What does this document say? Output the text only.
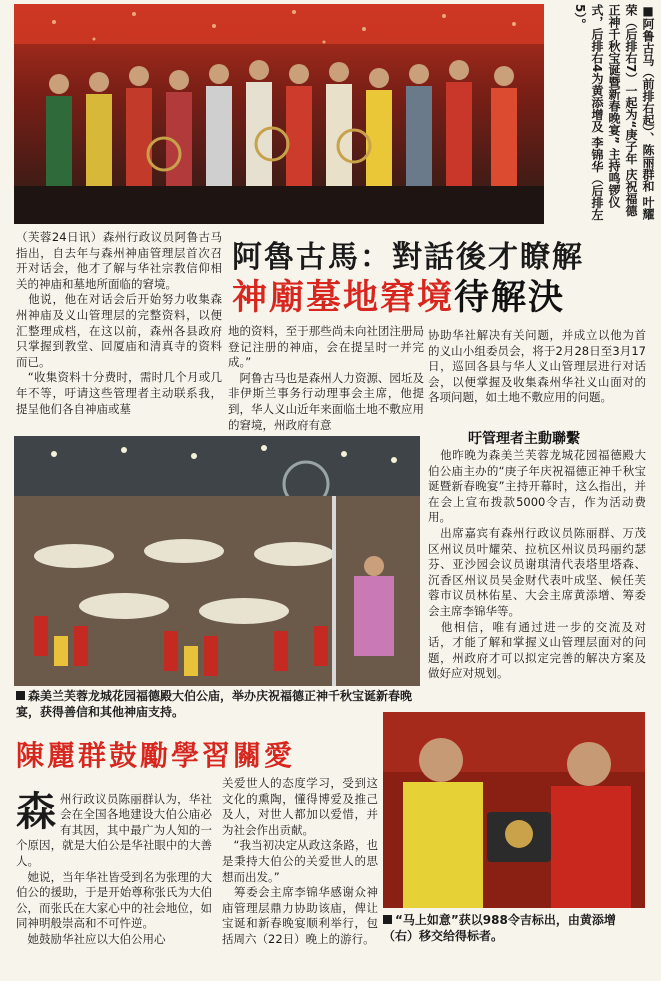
■阿鲁古马（前排右起）、陈丽群和 叶耀荣（后排右7）一起为“庚子年 庆祝福德正神千秋宝诞暨新春晚宴” 主持鸣锣仪式，后排右4为黄添增及 李锦华（后排左5）。
阿魯古馬：對話後才瞭解
神廟墓地窘境待解決
（芙蓉24日讯）森州行政议员阿鲁古马指出，自去年与森州神庙管理层首次召开对话会，他才了解与华社宗教信仰相关的神庙和墓地所面临的窘境。
　他说，他在对话会后开始努力收集森州神庙及义山管理层的完整资料，以便汇整理成档，在这以前，森州各县政府只掌握到教堂、回厦庙和清真寺的资料而已。
　“收集资料十分费时，需时几个月或几年不等，吁请这些管理者主动联系我，提呈他们各自神庙或墓
地的资料，至于那些尚未向社团注册局登记注册的神庙，会在提呈时一并完成。”
　阿鲁古马也是森州人力资源、园坵及非伊斯兰事务行动理事会主席，他提到，华人义山近年来面临土地不敷应用的窘境，州政府有意
协助华社解决有关问题，并成立以他为首的义山小组委员会，将于2月28日至3月17日，巡回各县与华人义山管理层进行对话会，以便掌握及收集森州华社义山面对的各项问题，如土地不敷应用的问题。
吁管理者主動聯繫
　他昨晚为森美兰芙蓉龙城花园福德殿大伯公庙主办的“庚子年庆祝福德正神千秋宝诞暨新春晚宴”主持开幕时，这么指出，并在会上宣布拨款5000令吉，作为活动费用。
　出席嘉宾有森州行政议员陈丽群、万茂区州议员叶耀荣、拉杭区州议员玛丽约瑟芬、亚沙园会议员谢琪清代表塔里塔森、沉香区州议员吴金财代表叶成坚、候任芙蓉市议员林佑星、大会主席黄添增、筹委会主席李锦华等。
　他相信，唯有通过进一步的交流及对话，才能了解和掌握义山管理层面对的问题，州政府才可以拟定完善的解决方案及做好应对规划。
森美兰芙蓉龙城花园福德殿大伯公庙，举办庆祝福德正神千秋宝诞新春晚宴，获得善信和其他神庙支持。
陳麗群鼓勵學習關愛

森州行政议员陈丽群认为，华社会在全国各地建设大伯公庙必有其因，其中最广为人知的一个原因，就是大伯公是华社眼中的大善人。
　她说，当年华社皆受到名为张理的大伯公的援助，于是开始尊称张氏为大伯公，而张氏在大家心中的社会地位，如同神明般崇高和不可忤逆。
　她鼓励华社应以大伯公用心

关爱世人的态度学习，受到这文化的熏陶，懂得博爱及推己及人，对世人都加以爱惜，并为社会作出贡献。
　“我当初决定从政这条路，也是秉持大伯公的关爱世人的思想而出发。”
　筹委会主席李锦华感谢众神庙管理层鼎力协助该庙，俾让宝诞和新春晚宴顺利举行，包括周六（22日）晚上的游行。
“马上如意”获以988令吉标出，由黄添增（右）移交给得标者。
